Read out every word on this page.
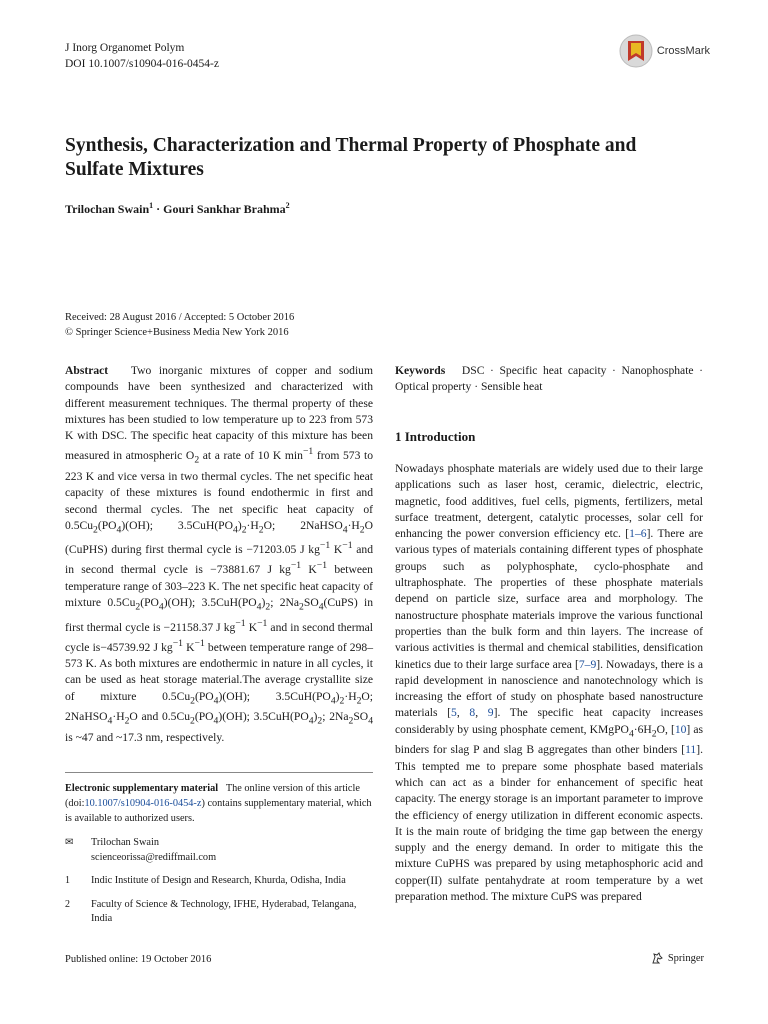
J Inorg Organomet Polym
DOI 10.1007/s10904-016-0454-z
CrossMark
Synthesis, Characterization and Thermal Property of Phosphate and Sulfate Mixtures
Trilochan Swain$^1$ · Gouri Sankhar Brahma$^2$
Received: 28 August 2016 / Accepted: 5 October 2016
© Springer Science+Business Media New York 2016
Abstract Two inorganic mixtures of copper and sodium compounds have been synthesized and characterized with different measurement techniques. The thermal property of these mixtures has been studied to low temperature up to 223 from 573 K with DSC. The specific heat capacity of this mixture has been measured in atmospheric $O_2$ at a rate of 10 K $\min^{-1}$ from 573 to 223 K and vice versa in two thermal cycles. The net specific heat capacity of these mixtures is found endothermic in first and second thermal cycles. The net specific heat capacity of $0.5Cu_2(PO_4)(OH)$; $3.5CuH(PO_4)_2\cdot H_2O$; $2NaHSO_4\cdot H_2O$ (CuPHS) during first thermal cycle is −71203.05 J $kg^{-1}$ $K^{-1}$ and in second thermal cycle is −73881.67 J $kg^{-1}$ $K^{-1}$ between temperature range of 303–223 K. The net specific heat capacity of mixture $0.5Cu_2(PO_4)(OH)$; $3.5CuH(PO_4)_2$; $2Na_2SO_4(CuPS)$ in first thermal cycle is −21158.37 J $kg^{-1}$ $K^{-1}$ and in second thermal cycle is−45739.92 J $kg^{-1}$ $K^{-1}$ between temperature range of 298–573 K. As both mixtures are endothermic in nature in all cycles, it can be used as heat storage material.The average crystallite size of mixture $0.5Cu_2(PO_4)(OH)$; $3.5CuH(PO_4)_2\cdot H_2O$; $2NaHSO_4\cdot H_2O$ and $0.5Cu_2(PO_4)(OH)$; $3.5CuH(PO_4)_2$; $2Na_2SO_4$ is ~47 and ~17.3 nm, respectively.
Keywords DSC · Specific heat capacity · Nanophosphate · Optical property · Sensible heat
1 Introduction
Nowadays phosphate materials are widely used due to their large applications such as laser host, ceramic, dielectric, electric, magnetic, food additives, fuel cells, pigments, fertilizers, metal surface treatment, detergent, catalytic processes, solar cell for enhancing the power conversion efficiency etc. [1–6]. There are various types of materials containing different types of phosphate groups such as polyphosphate, cyclo-phosphate and ultraphosphate. The properties of these phosphate materials depend on particle size, surface area and morphology. The nanostructure phosphate materials improve the various functional properties than the bulk form and thin layers. The increase of various activities is thermal and chemical stabilities, densification kinetics due to their large surface area [7–9]. Nowadays, there is a rapid development in nanoscience and nanotechnology which is increasing the effort of study on phosphate based nanostructure materials [5, 8, 9]. The specific heat capacity increases considerably by using phosphate cement, $KMgPO_4\cdot 6H_2O$, [10] as binders for slag P and slag B aggregates than other binders [11]. This tempted me to prepare some phosphate based materials which can act as a binder for enhancement of specific heat capacity. The energy storage is an important parameter to improve the efficiency of energy utilization in different economic aspects. It is the main route of bridging the time gap between the energy supply and the energy demand. In order to mitigate this the mixture CuPHS was prepared by using metaphosphoric acid and copper(II) sulfate pentahydrate at room temperature by a wet preparation method. The mixture CuPS was prepared
Electronic supplementary material The online version of this article (doi:10.1007/s10904-016-0454-z) contains supplementary material, which is available to authorized users.
✉	Trilochan Swain
scienceorissa@rediffmail.com
1	Indic Institute of Design and Research, Khurda, Odisha, India
2	Faculty of Science & Technology, IFHE, Hyderabad, Telangana, India
Published online: 19 October 2016	Springer
